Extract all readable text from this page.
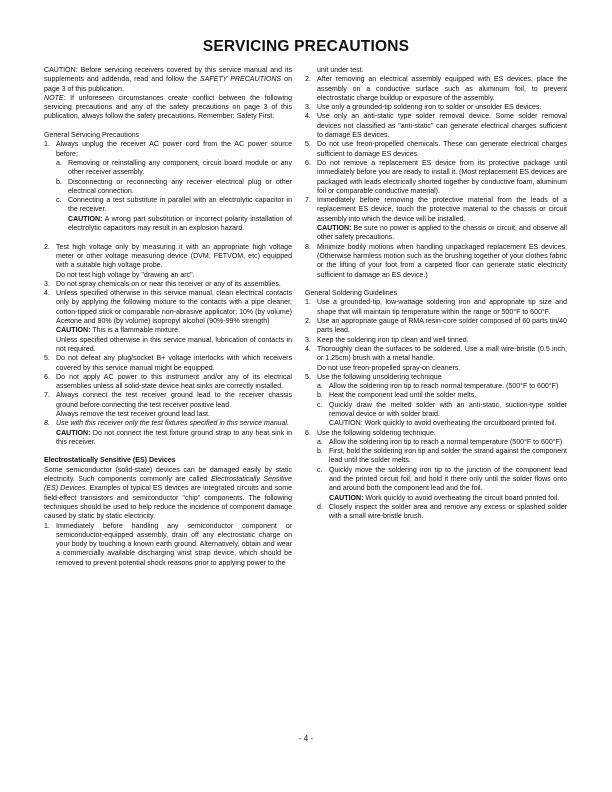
SERVICING PRECAUTIONS

CAUTION: Before servicing receivers covered by this service manual and its supplements and addenda, read and follow the SAFETY PRECAUTIONS on page 3 of this publication.

NOTE: If unforeseen circumstances create conflict between the following servicing precautions and any of the safety precautions on page 3 of this publication, always follow the safety precautions. Remember: Safety First.

General Servicing Precautions

1. Always unplug the receiver AC power cord from the AC power source before;
a. Removing or reinstalling any component, circuit board module or any other receiver assembly.
b. Disconnecting or reconnecting any receiver electrical plug or other electrical connection.
c. Connecting a test substitute in parallel with an electrolytic capacitor in the receiver.
CAUTION: A wrong part substitution or incorrect polarity installation of electrolytic capacitors may result in an explosion hazard.
2. Test high voltage only by measuring it with an appropriate high voltage meter or other voltage measuring device (DVM, FETVOM, etc) equipped with a suitable high voltage probe.
Do not test high voltage by "drawing an arc".
3. Do not spray chemicals on or near this receiver or any of its assemblies.
4. Unless specified otherwise in this service manual, clean electrical contacts only by applying the following mixture to the contacts with a pipe cleaner, cotton-tipped stick or comparable non-abrasive applicator; 10% (by volume) Acetone and 90% (by volume) isopropyl alcohol (90%-99% strength)
CAUTION: This is a flammable mixture.
Unless specified otherwise in this service manual, lubrication of contacts in not required.
5. Do not defeat any plug/socket B+ voltage interlocks with which receivers covered by this service manual might be equipped.
6. Do not apply AC power to this instrument and/or any of its electrical assemblies unless all solid-state device heat sinks are correctly installed.
7. Always connect the test receiver ground lead to the receiver chassis ground before connecting the test receiver positive lead.
Always remove the test receiver ground lead last.
8. Use with this receiver only the test fixtures specified in this service manual.
CAUTION: Do not connect the test fixture ground strap to any heat sink in this receiver.

Electrostatically Sensitive (ES) Devices

Some semiconductor (solid-state) devices can be damaged easily by static electricity. Such components commonly are called Electrostatically Sensitive (ES) Devices. Examples of typical ES devices are integrated circuits and some field-effect transistors and semiconductor "chip" components. The following techniques should be used to help reduce the incidence of component damage caused by static by static electricity.

1. Immediately before handling any semiconductor component or semiconductor-equipped assembly, drain off any electrostatic charge on your body by touching a known earth ground. Alternatively, obtain and wear a commercially available discharging wrist strap device, which should be removed to prevent potential shock reasons prior to applying power to the
unit under test.
2. After removing an electrical assembly equipped with ES devices, place the assembly on a conductive surface such as aluminum foil, to prevent electrostatic charge buildup or exposure of the assembly.
3. Use only a grounded-tip soldering iron to solder or unsolder ES devices.
4. Use only an anti-static type solder removal device. Some solder removal devices not classified as "anti-static" can generate electrical charges sufficient to damage ES devices.
5. Do not use freon-propelled chemicals. These can generate electrical charges sufficient to damage ES devices.
6. Do not remove a replacement ES device from its protective package until immediately before you are ready to install it. (Most replacement ES devices are packaged with leads electrically shorted together by conductive foam, aluminum foil or comparable conductive material).
7. Immediately before removing the protective material from the leads of a replacement ES device, touch the protective material to the chassis or circuit assembly into which the device will be installed.
CAUTION: Be sure no power is applied to the chassis or circuit, and observe all other safety precautions.
8. Minimize bodily motions when handling unpackaged replacement ES devices. (Otherwise harmless motion such as the brushing together of your clothes fabric or the lifting of your foot from a carpeted floor can generate static electricity sufficient to damage an ES device.)

General Soldering Guidelines

1. Use a grounded-tip, low-wattage soldering iron and appropriate tip size and shape that will maintain tip temperature within the range or 500°F to 600°F.
2. Use an appropriate gauge of RMA resin-core solder composed of 60 parts tin/40 parts lead.
3. Keep the soldering iron tip clean and well tinned.
4. Thoroughly clean the surfaces to be soldered. Use a mall wire-bristle (0.5 inch, or 1.25cm) brush with a metal handle.
Do not use freon-propelled spray-on cleaners.
5. Use the following unsoldering technique
a. Allow the soldering iron tip to reach normal temperature. (500°F to 600°F)
b. Heat the component lead until the solder melts.
c. Quickly draw the melted solder with an anti-static, suction-type solder removal device or with solder braid.
CAUTION: Work quickly to avoid overheating the circuitboard printed foil.
6. Use the following soldering technique.
a. Allow the soldering iron tip to reach a normal temperature (500°F to 600°F)
b. First, hold the soldering iron tip and solder the strand against the component lead until the solder melts.
c. Quickly move the soldering iron tip to the junction of the component lead and the printed circuit foil, and hold it there only until the solder flows onto and around both the component lead and the foil.
CAUTION: Work quickly to avoid overheating the circuit board printed foil.
d. Closely inspect the solder area and remove any excess or splashed solder with a small wire-bristle brush.
- 4 -
